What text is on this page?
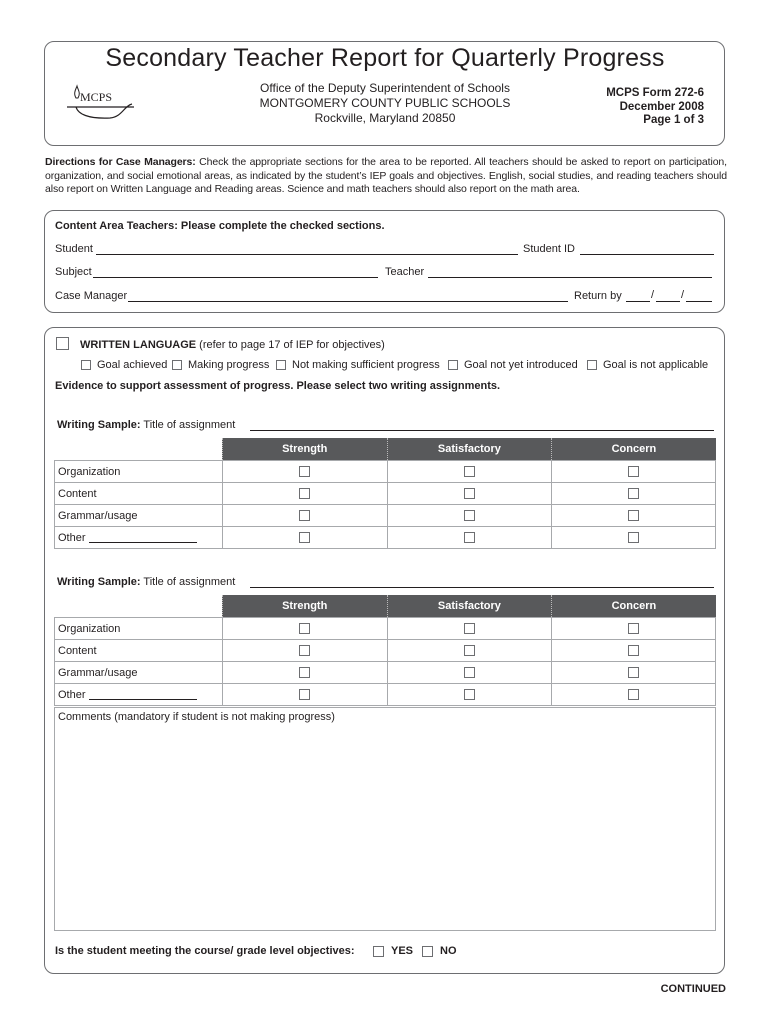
Secondary Teacher Report for Quarterly Progress
MCPS
Office of the Deputy Superintendent of Schools
MONTGOMERY COUNTY PUBLIC SCHOOLS
Rockville, Maryland 20850
MCPS Form 272-6
December 2008
Page 1 of 3
Directions for Case Managers: Check the appropriate sections for the area to be reported. All teachers should be asked to report on participation, organization, and social emotional areas, as indicated by the student’s IEP goals and objectives. English, social studies, and reading teachers should also report on Written Language and Reading areas. Science and math teachers should also report on the math area.
Content Area Teachers: Please complete the checked sections.
Student	Student ID
Subject	Teacher
Case Manager	Return by	/ /
WRITTEN LANGUAGE (refer to page 17 of IEP for objectives)
Goal achieved Making progress Not making sufficient progress Goal not yet introduced Goal is not applicable
Evidence to support assessment of progress. Please select two writing assignments.
Writing Sample: Title of assignment
	Strength	Satisfactory	Concern
Organization			
Content			
Grammar/usage			
Other			
Writing Sample: Title of assignment
	Strength	Satisfactory	Concern
Organization			
Content			
Grammar/usage			
Other			
Comments (mandatory if student is not making progress)
Is the student meeting the course/ grade level objectives:	YES NO
CONTINUED
